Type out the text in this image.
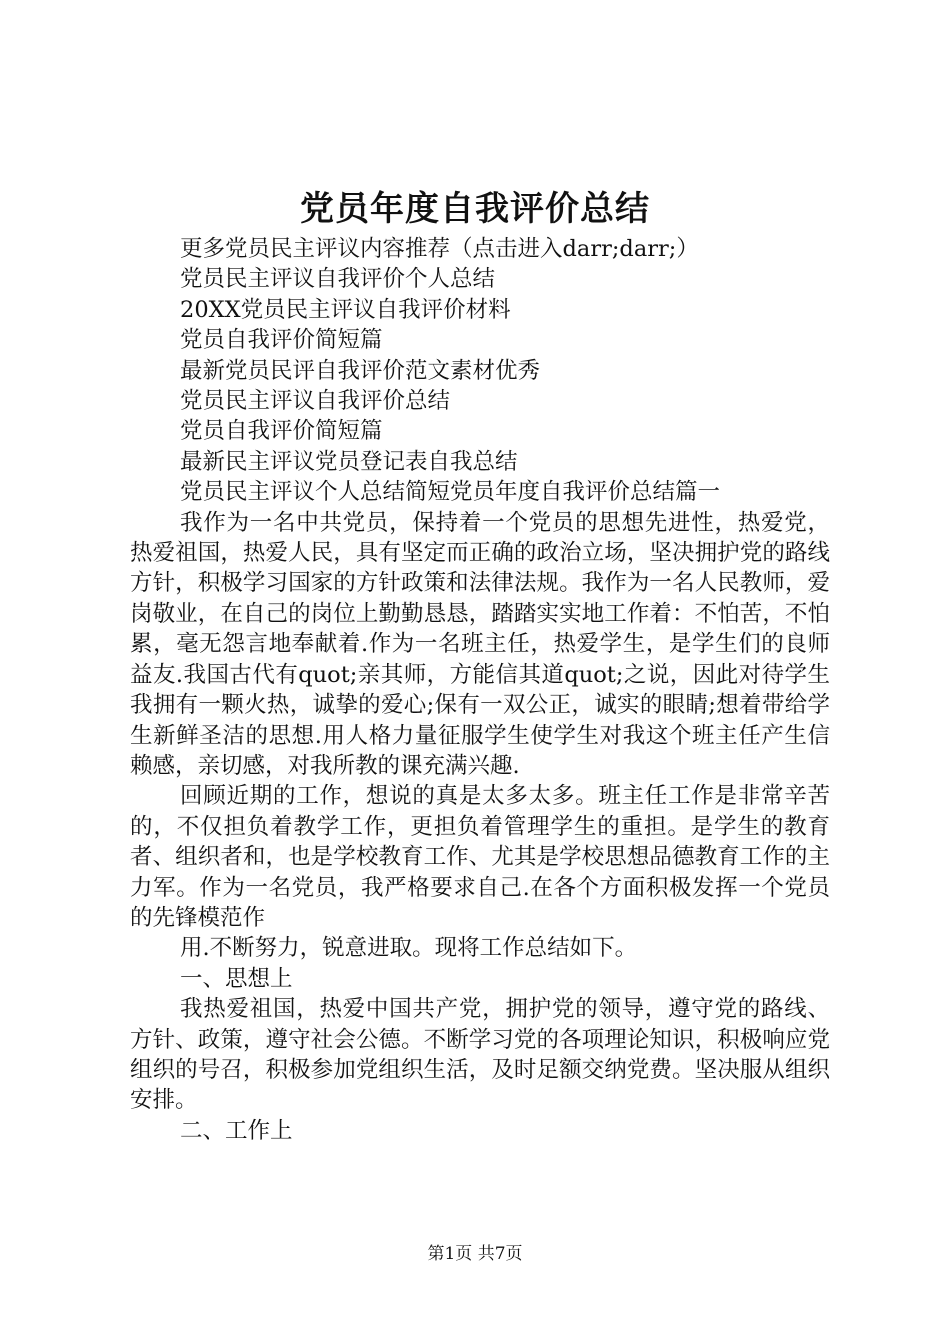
党员年度自我评价总结
更多党员民主评议内容推荐（点击进入darr;darr;）
党员民主评议自我评价个人总结
20XX党员民主评议自我评价材料
党员自我评价简短篇
最新党员民评自我评价范文素材优秀
党员民主评议自我评价总结
党员自我评价简短篇
最新民主评议党员登记表自我总结
党员民主评议个人总结简短党员年度自我评价总结篇一
我作为一名中共党员，保持着一个党员的思想先进性，热爱党，热爱祖国，热爱人民，具有坚定而正确的政治立场，坚决拥护党的路线方针，积极学习国家的方针政策和法律法规。我作为一名人民教师，爱岗敬业，在自己的岗位上勤勤恳恳，踏踏实实地工作着：不怕苦，不怕累，毫无怨言地奉献着.作为一名班主任，热爱学生，是学生们的良师益友.我国古代有quot;亲其师，方能信其道quot;之说，因此对待学生我拥有一颗火热，诚挚的爱心;保有一双公正，诚实的眼睛;想着带给学生新鲜圣洁的思想.用人格力量征服学生使学生对我这个班主任产生信赖感，亲切感，对我所教的课充满兴趣.
回顾近期的工作，想说的真是太多太多。班主任工作是非常辛苦的，不仅担负着教学工作，更担负着管理学生的重担。是学生的教育者、组织者和，也是学校教育工作、尤其是学校思想品德教育工作的主力军。作为一名党员，我严格要求自己.在各个方面积极发挥一个党员的先锋模范作
用.不断努力，锐意进取。现将工作总结如下。
一、思想上
我热爱祖国，热爱中国共产党，拥护党的领导，遵守党的路线、方针、政策，遵守社会公德。不断学习党的各项理论知识，积极响应党组织的号召，积极参加党组织生活，及时足额交纳党费。坚决服从组织安排。
二、工作上
第1页 共7页
